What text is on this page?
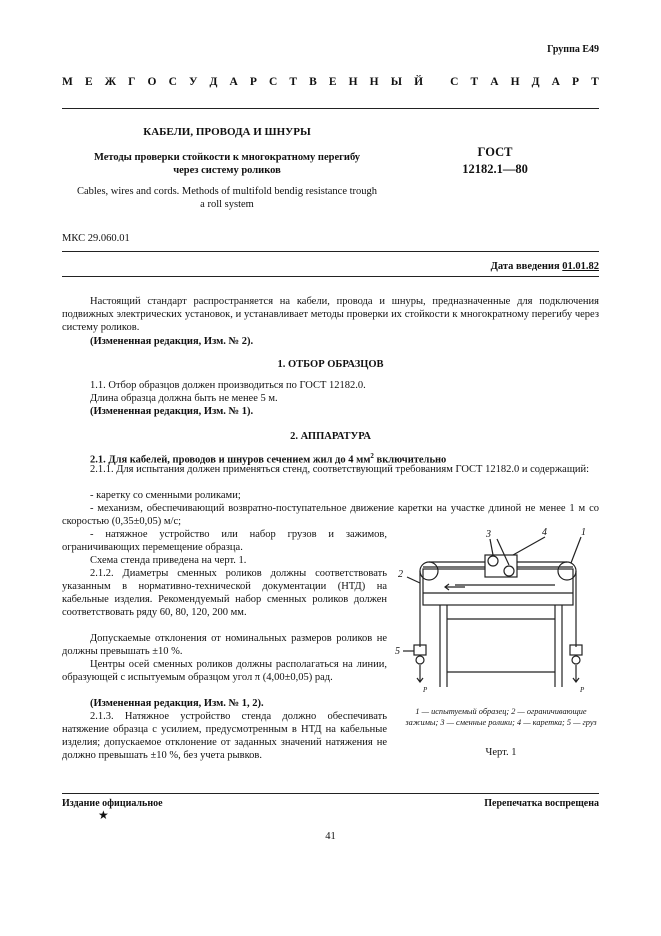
Группа Е49
М Е Ж Г О С У Д А Р С Т В Е Н Н Ы Й
С Т А Н Д А Р Т
КАБЕЛИ, ПРОВОДА И ШНУРЫ
Методы проверки стойкости к многократному перегибу
через систему роликов
Cables, wires and cords. Methods of multifold bendig resistance trough
a roll system
ГОСТ
12182.1—80
МКС 29.060.01
Дата введения 01.01.82
Настоящий стандарт распространяется на кабели, провода и шнуры, предназначенные для подключения подвижных электрических установок, и устанавливает методы проверки их стойкости к многократному перегибу через систему роликов.
(Измененная редакция, Изм. № 2).
1. ОТБОР ОБРАЗЦОВ
1.1. Отбор образцов должен производиться по ГОСТ 12182.0.
Длина образца должна быть не менее 5 м.
(Измененная редакция, Изм. № 1).
2. АППАРАТУРА
2.1. Для кабелей, проводов и шнуров сечением жил до 4 $мм^2$ включительно
2.1.1. Для испытания должен применяться стенд, соответствующий требованиям ГОСТ 12182.0 и содержащий:
- каретку со сменными роликами;
- механизм, обеспечивающий возвратно-поступательное движение каретки на участке длиной не менее 1 м со скоростью (0,35±0,05) м/с;
- натяжное устройство или набор грузов и зажимов, ограничивающих перемещение образца.
Схема стенда приведена на черт. 1.
2.1.2. Диаметры сменных роликов должны соответствовать указанным в нормативно-технической документации (НТД) на кабельные изделия. Рекомендуемый набор сменных роликов должен соответствовать ряду 60, 80, 120, 200 мм.
Допускаемые отклонения от номинальных размеров роликов не должны превышать ±10 %.
Центры осей сменных роликов должны располагаться на линии, образующей с испытуемым образцом угол π (4,00±0,05) рад.
(Измененная редакция, Изм. № 1, 2).
2.1.3. Натяжное устройство стенда должно обеспечивать натяжение образца с усилием, предусмотренным в НТД на кабельные изделия; допускаемое отклонение от заданных значений натяжения не должно превышать ±10 %, без учета рывков.
3	4	1
2
5
P	P
1 — испытуемый образец; 2 — ограничивающие зажимы; 3 — сменные ролики; 4 — каретка; 5 — груз
Черт. 1
Издание официальное	Перепечатка воспрещена
★
41
